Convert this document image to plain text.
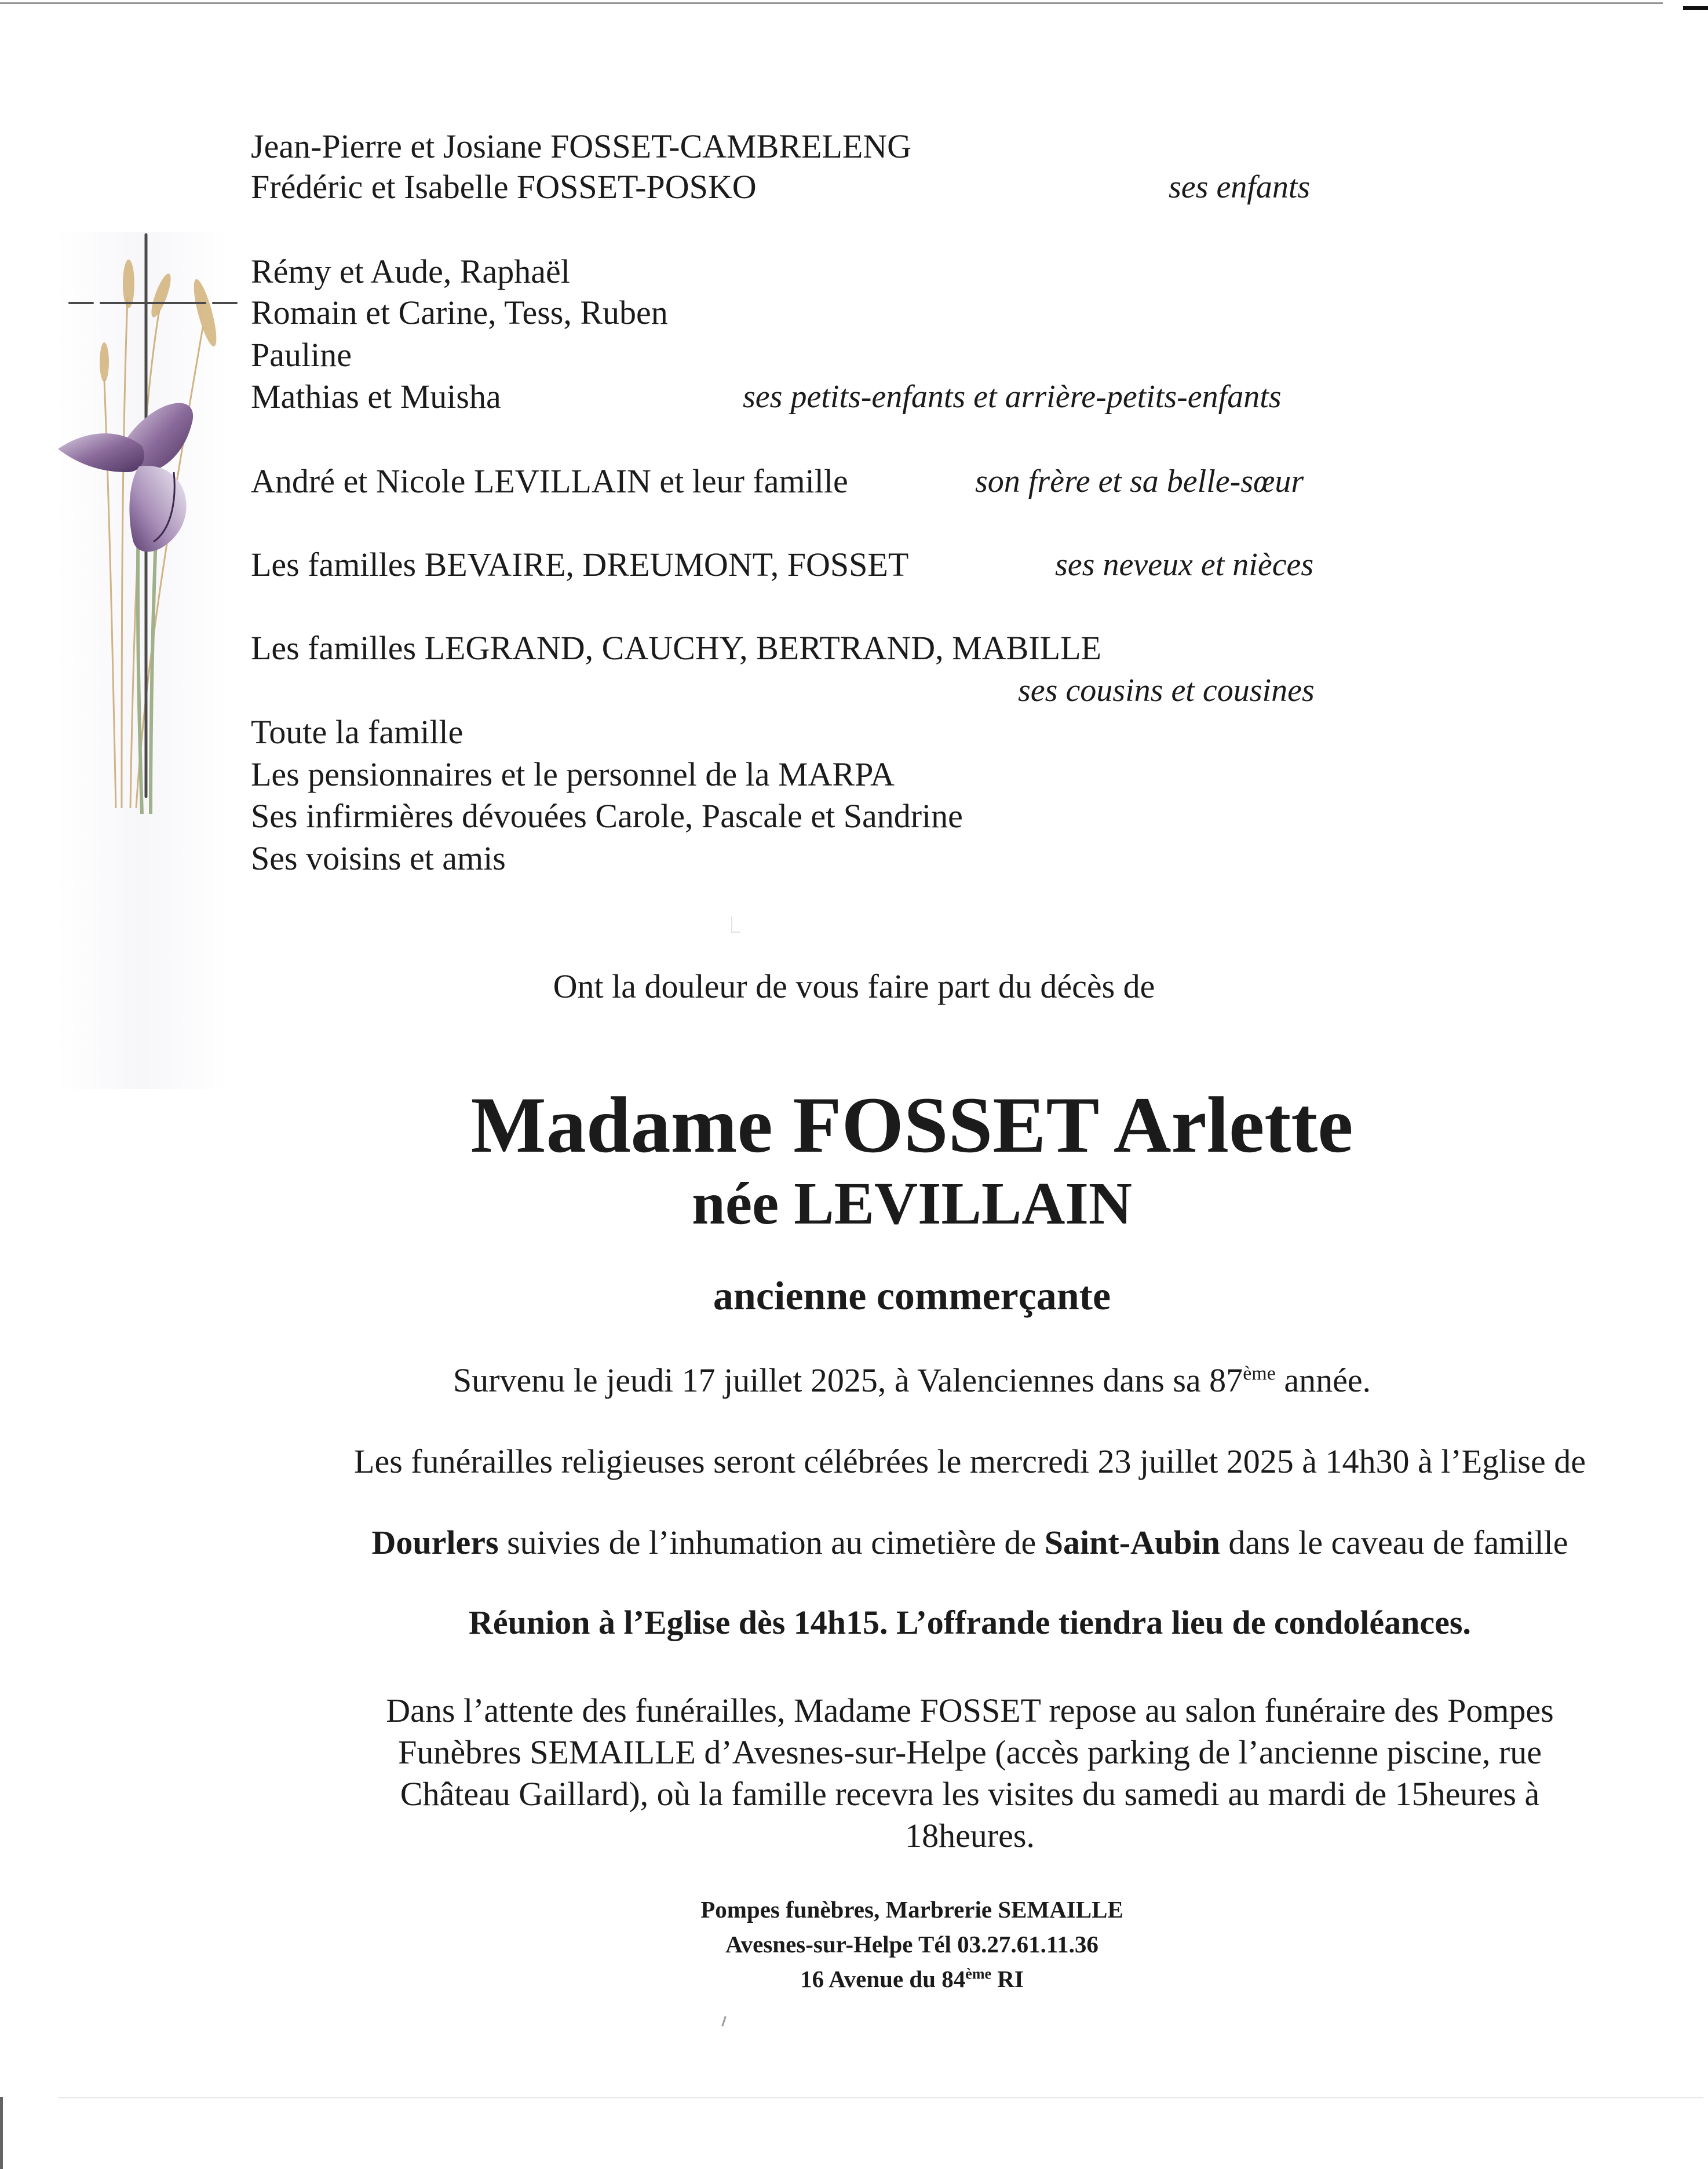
Jean-Pierre et Josiane FOSSET-CAMBRELENG

Frédéric et Isabelle FOSSET-POSKO	ses enfants

Rémy et Aude, Raphaël

Romain et Carine, Tess, Ruben

Pauline

Mathias et Muisha	ses petits-enfants et arrière-petits-enfants

André et Nicole LEVILLAIN et leur famille	son frère et sa belle-sœur

Les familles BEVAIRE, DREUMONT, FOSSET	ses neveux et nièces

Les familles LEGRAND, CAUCHY, BERTRAND, MABILLE

ses cousins et cousines

Toute la famille

Les pensionnaires et le personnel de la MARPA

Ses infirmières dévouées Carole, Pascale et Sandrine

Ses voisins et amis

Ont la douleur de vous faire part du décès de

Madame FOSSET Arlette

née LEVILLAIN

ancienne commerçante

Survenu le jeudi 17 juillet 2025, à Valenciennes dans sa 87ème année.

Les funérailles religieuses seront célébrées le mercredi 23 juillet 2025 à 14h30 à l’Eglise de

Dourlers suivies de l’inhumation au cimetière de Saint-Aubin dans le caveau de famille

Réunion à l’Eglise dès 14h15. L’offrande tiendra lieu de condoléances.

Dans l’attente des funérailles, Madame FOSSET repose au salon funéraire des Pompes

Funèbres SEMAILLE d’Avesnes-sur-Helpe (accès parking de l’ancienne piscine, rue

Château Gaillard), où la famille recevra les visites du samedi au mardi de 15heures à

18heures.

Pompes funèbres, Marbrerie SEMAILLE

Avesnes-sur-Helpe Tél 03.27.61.11.36

16 Avenue du 84ème RI
